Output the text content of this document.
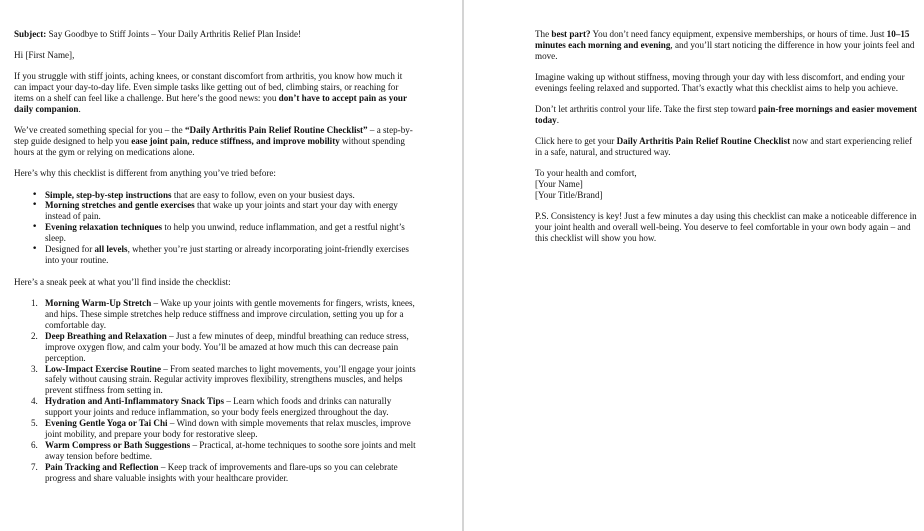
Subject: Say Goodbye to Stiff Joints – Your Daily Arthritis Relief Plan Inside!

Hi [First Name],

If you struggle with stiff joints, aching knees, or constant discomfort from arthritis, you know how much it can impact your day-to-day life. Even simple tasks like getting out of bed, climbing stairs, or reaching for items on a shelf can feel like a challenge. But here’s the good news: you don’t have to accept pain as your daily companion.

We’ve created something special for you – the “Daily Arthritis Pain Relief Routine Checklist” – a step-by-step guide designed to help you ease joint pain, reduce stiffness, and improve mobility without spending hours at the gym or relying on medications alone.

Here’s why this checklist is different from anything you’ve tried before:

• Simple, step-by-step instructions that are easy to follow, even on your busiest days.
• Morning stretches and gentle exercises that wake up your joints and start your day with energy instead of pain.
• Evening relaxation techniques to help you unwind, reduce inflammation, and get a restful night’s sleep.
• Designed for all levels, whether you’re just starting or already incorporating joint-friendly exercises into your routine.

Here’s a sneak peek at what you’ll find inside the checklist:

1. Morning Warm-Up Stretch – Wake up your joints with gentle movements for fingers, wrists, knees, and hips. These simple stretches help reduce stiffness and improve circulation, setting you up for a comfortable day.
2. Deep Breathing and Relaxation – Just a few minutes of deep, mindful breathing can reduce stress, improve oxygen flow, and calm your body. You’ll be amazed at how much this can decrease pain perception.
3. Low-Impact Exercise Routine – From seated marches to light movements, you’ll engage your joints safely without causing strain. Regular activity improves flexibility, strengthens muscles, and helps prevent stiffness from setting in.
4. Hydration and Anti-Inflammatory Snack Tips – Learn which foods and drinks can naturally support your joints and reduce inflammation, so your body feels energized throughout the day.
5. Evening Gentle Yoga or Tai Chi – Wind down with simple movements that relax muscles, improve joint mobility, and prepare your body for restorative sleep.
6. Warm Compress or Bath Suggestions – Practical, at-home techniques to soothe sore joints and melt away tension before bedtime.
7. Pain Tracking and Reflection – Keep track of improvements and flare-ups so you can celebrate progress and share valuable insights with your healthcare provider.

The best part? You don’t need fancy equipment, expensive memberships, or hours of time. Just 10–15 minutes each morning and evening, and you’ll start noticing the difference in how your joints feel and move.

Imagine waking up without stiffness, moving through your day with less discomfort, and ending your evenings feeling relaxed and supported. That’s exactly what this checklist aims to help you achieve.

Don’t let arthritis control your life. Take the first step toward pain-free mornings and easier movement today.

Click here to get your Daily Arthritis Pain Relief Routine Checklist now and start experiencing relief in a safe, natural, and structured way.

To your health and comfort,
[Your Name]
[Your Title/Brand]

P.S. Consistency is key! Just a few minutes a day using this checklist can make a noticeable difference in your joint health and overall well-being. You deserve to feel comfortable in your own body again – and this checklist will show you how.
